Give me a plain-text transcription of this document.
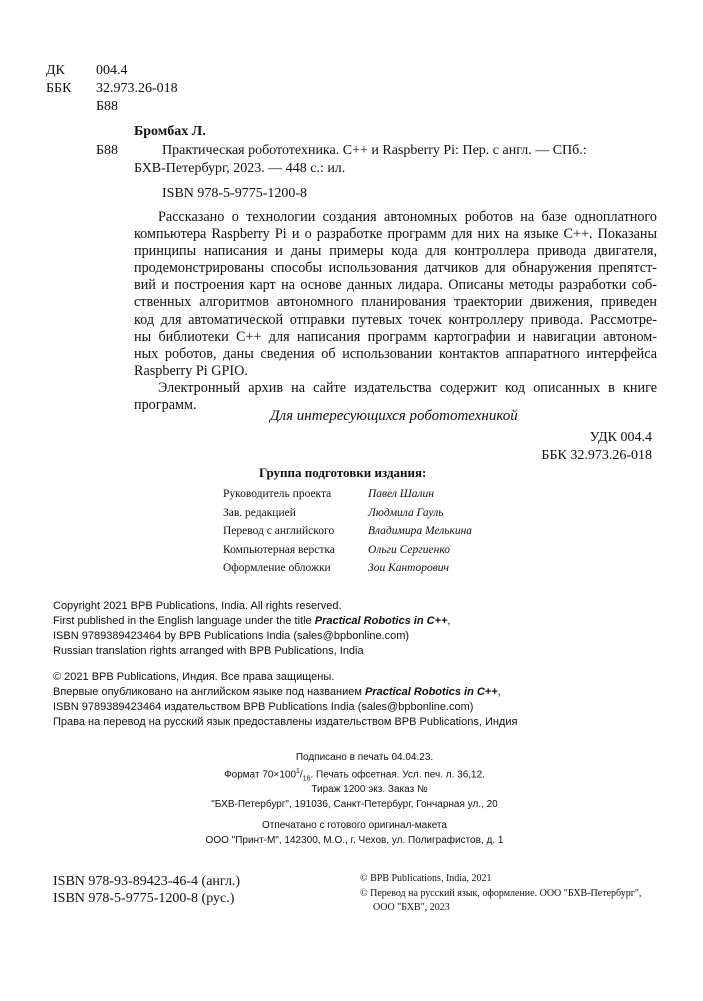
ДК 004.4
ББК 32.973.26-018
Б88
Бромбах Л.
Б88	Практическая робототехника. C++ и Raspberry Pi: Пер. с англ. — СПб.:
БХВ-Петербург, 2023. — 448 с.: ил.
ISBN 978-5-9775-1200-8

Рассказано о технологии создания автономных роботов на базе одноплатного

компьютера Raspberry Pi и о разработке программ для них на языке C++. Показаны

принципы написания и даны примеры кода для контроллера привода двигателя,

продемонстрированы способы использования датчиков для обнаружения препятст-

вий и построения карт на основе данных лидара. Описаны методы разработки соб-

ственных алгоритмов автономного планирования траектории движения, приведен

код для автоматической отправки путевых точек контроллеру привода. Рассмотре-

ны библиотеки C++ для написания программ картографии и навигации автоном-

ных роботов, даны сведения об использовании контактов аппаратного интерфейса

Raspberry Pi GPIO.

Электронный архив на сайте издательства содержит код описанных в книге

программ.

Для интересующихся робототехникой
УДК 004.4
ББК 32.973.26-018
Группа подготовки издания:
Руководитель проекта	Павел Шалин
Зав. редакцией	Людмила Гауль
Перевод с английского	Владимира Мелькина
Компьютерная верстка	Ольги Сергиенко
Оформление обложки	Зои Канторович
Copyright 2021 BPB Publications, India. All rights reserved.
First published in the English language under the title Practical Robotics in C++,
ISBN 9789389423464 by BPB Publications India (sales@bpbonline.com)
Russian translation rights arranged with BPB Publications, India
© 2021 BPB Publications, Индия. Все права защищены.
Впервые опубликовано на английском языке под названием Practical Robotics in C++,
ISBN 9789389423464 издательством BPB Publications India (sales@bpbonline.com)
Права на перевод на русский язык предоставлены издательством BPB Publications, Индия
Подписано в печать 04.04.23.
Формат $70\times 100^1/_{16}$. Печать офсетная. Усл. печ. л. 36,12.
Тираж 1200 экз. Заказ №
"БХВ-Петербург", 191036, Санкт-Петербург, Гончарная ул., 20
Отпечатано с готового оригинал-макета
ООО "Принт-М", 142300, М.О., г. Чехов, ул. Полиграфистов, д. 1
ISBN 978-93-89423-46-4 (англ.)
ISBN 978-5-9775-1200-8 (рус.)
© BPB Publications, India, 2021
© Перевод на русский язык, оформление. ООО "БХВ-Петербург",
ООО "БХВ", 2023
